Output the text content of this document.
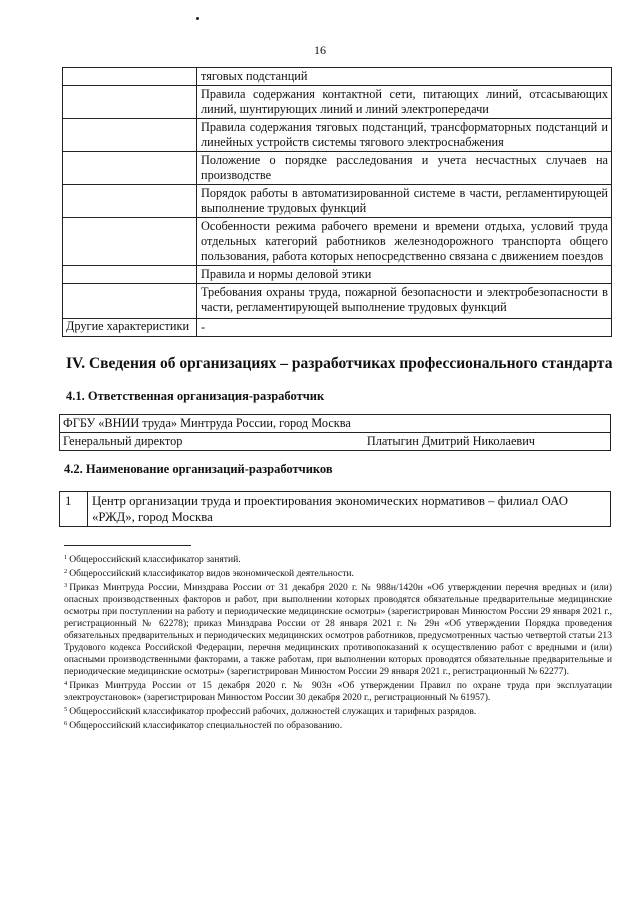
16
	тяговых подстанций
	Правила содержания контактной сети, питающих линий, отсасывающих линий, шунтирующих линий и линий электропередачи
	Правила содержания тяговых подстанций, трансформаторных подстанций и линейных устройств системы тягового электроснабжения
	Положение о порядке расследования и учета несчастных случаев на производстве
	Порядок работы в автоматизированной системе в части, регламентирующей выполнение трудовых функций
	Особенности режима рабочего времени и времени отдыха, условий труда отдельных категорий работников железнодорожного транспорта общего пользования, работа которых непосредственно связана с движением поездов
	Правила и нормы деловой этики
	Требования охраны труда, пожарной безопасности и электробезопасности в части, регламентирующей выполнение трудовых функций
Другие характеристики	-
IV. Сведения об организациях – разработчиках профессионального стандарта
4.1. Ответственная организация-разработчик
ФГБУ «ВНИИ труда» Минтруда России, город Москва

Генеральный директор	Платыгин Дмитрий Николаевич
4.2. Наименование организаций-разработчиков
1	Центр организации труда и проектирования экономических нормативов – филиал ОАО «РЖД», город Москва

$^1$ Общероссийский классификатор занятий.

$^2$ Общероссийский классификатор видов экономической деятельности.

$^3$ Приказ Минтруда России, Минздрава России от 31 декабря 2020 г. № 988н/1420н «Об утверждении перечня вредных и (или) опасных производственных факторов и работ, при выполнении которых проводятся обязательные предварительные медицинские осмотры при поступлении на работу и периодические медицинские осмотры» (зарегистрирован Минюстом России 29 января 2021 г., регистрационный № 62278); приказ Минздрава России от 28 января 2021 г. № 29н «Об утверждении Порядка проведения обязательных предварительных и периодических медицинских осмотров работников, предусмотренных частью четвертой статьи 213 Трудового кодекса Российской Федерации, перечня медицинских противопоказаний к осуществлению работ с вредными и (или) опасными производственными факторами, а также работам, при выполнении которых проводятся обязательные предварительные и периодические медицинские осмотры» (зарегистрирован Минюстом России 29 января 2021 г., регистрационный № 62277).

$^4$ Приказ Минтруда России от 15 декабря 2020 г. № 903н «Об утверждении Правил по охране труда при эксплуатации электроустановок» (зарегистрирован Минюстом России 30 декабря 2020 г., регистрационный № 61957).

$^5$ Общероссийский классификатор профессий рабочих, должностей служащих и тарифных разрядов.

$^6$ Общероссийский классификатор специальностей по образованию.
